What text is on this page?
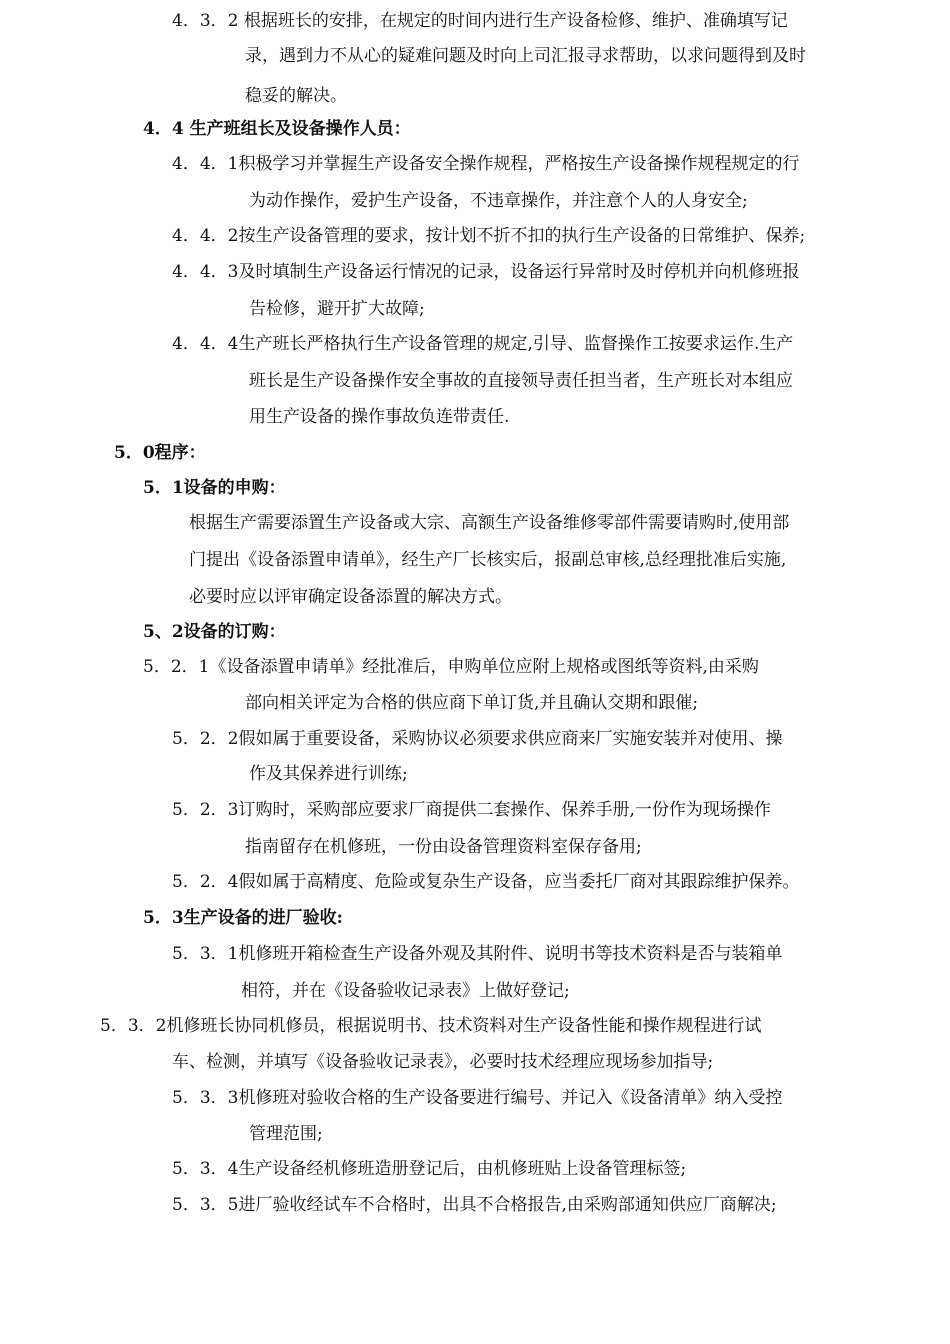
4．3．2 根据班长的安排，在规定的时间内进行生产设备检修、维护、准确填写记
录，遇到力不从心的疑难问题及时向上司汇报寻求帮助，以求问题得到及时
稳妥的解决。
4．4 生产班组长及设备操作人员：
4．4．1积极学习并掌握生产设备安全操作规程，严格按生产设备操作规程规定的行
为动作操作，爱护生产设备，不违章操作，并注意个人的人身安全;
4．4．2按生产设备管理的要求，按计划不折不扣的执行生产设备的日常维护、保养;
4．4．3及时填制生产设备运行情况的记录，设备运行异常时及时停机并向机修班报
告检修，避开扩大故障;
4．4．4生产班长严格执行生产设备管理的规定,引导、监督操作工按要求运作.生产
班长是生产设备操作安全事故的直接领导责任担当者，生产班长对本组应
用生产设备的操作事故负连带责任.
5．0程序：
5．1设备的申购：
根据生产需要添置生产设备或大宗、高额生产设备维修零部件需要请购时,使用部
门提出《设备添置申请单》，经生产厂长核实后，报副总审核,总经理批准后实施,
必要时应以评审确定设备添置的解决方式。
5、2设备的订购：
5．2．1《设备添置申请单》经批准后，申购单位应附上规格或图纸等资料,由采购
部向相关评定为合格的供应商下单订货,并且确认交期和跟催;
5．2．2假如属于重要设备，采购协议必须要求供应商来厂实施安装并对使用、操
作及其保养进行训练;
5．2．3订购时，采购部应要求厂商提供二套操作、保养手册,一份作为现场操作
指南留存在机修班，一份由设备管理资料室保存备用;
5．2．4假如属于高精度、危险或复杂生产设备，应当委托厂商对其跟踪维护保养。
5．3生产设备的进厂验收:
5．3．1机修班开箱检查生产设备外观及其附件、说明书等技术资料是否与装箱单
相符，并在《设备验收记录表》上做好登记;
5．3．2机修班长协同机修员，根据说明书、技术资料对生产设备性能和操作规程进行试
车、检测，并填写《设备验收记录表》，必要时技术经理应现场参加指导;
5．3．3机修班对验收合格的生产设备要进行编号、并记入《设备清单》纳入受控
管理范围;
5．3．4生产设备经机修班造册登记后，由机修班贴上设备管理标签;
5．3．5进厂验收经试车不合格时，出具不合格报告,由采购部通知供应厂商解决;
